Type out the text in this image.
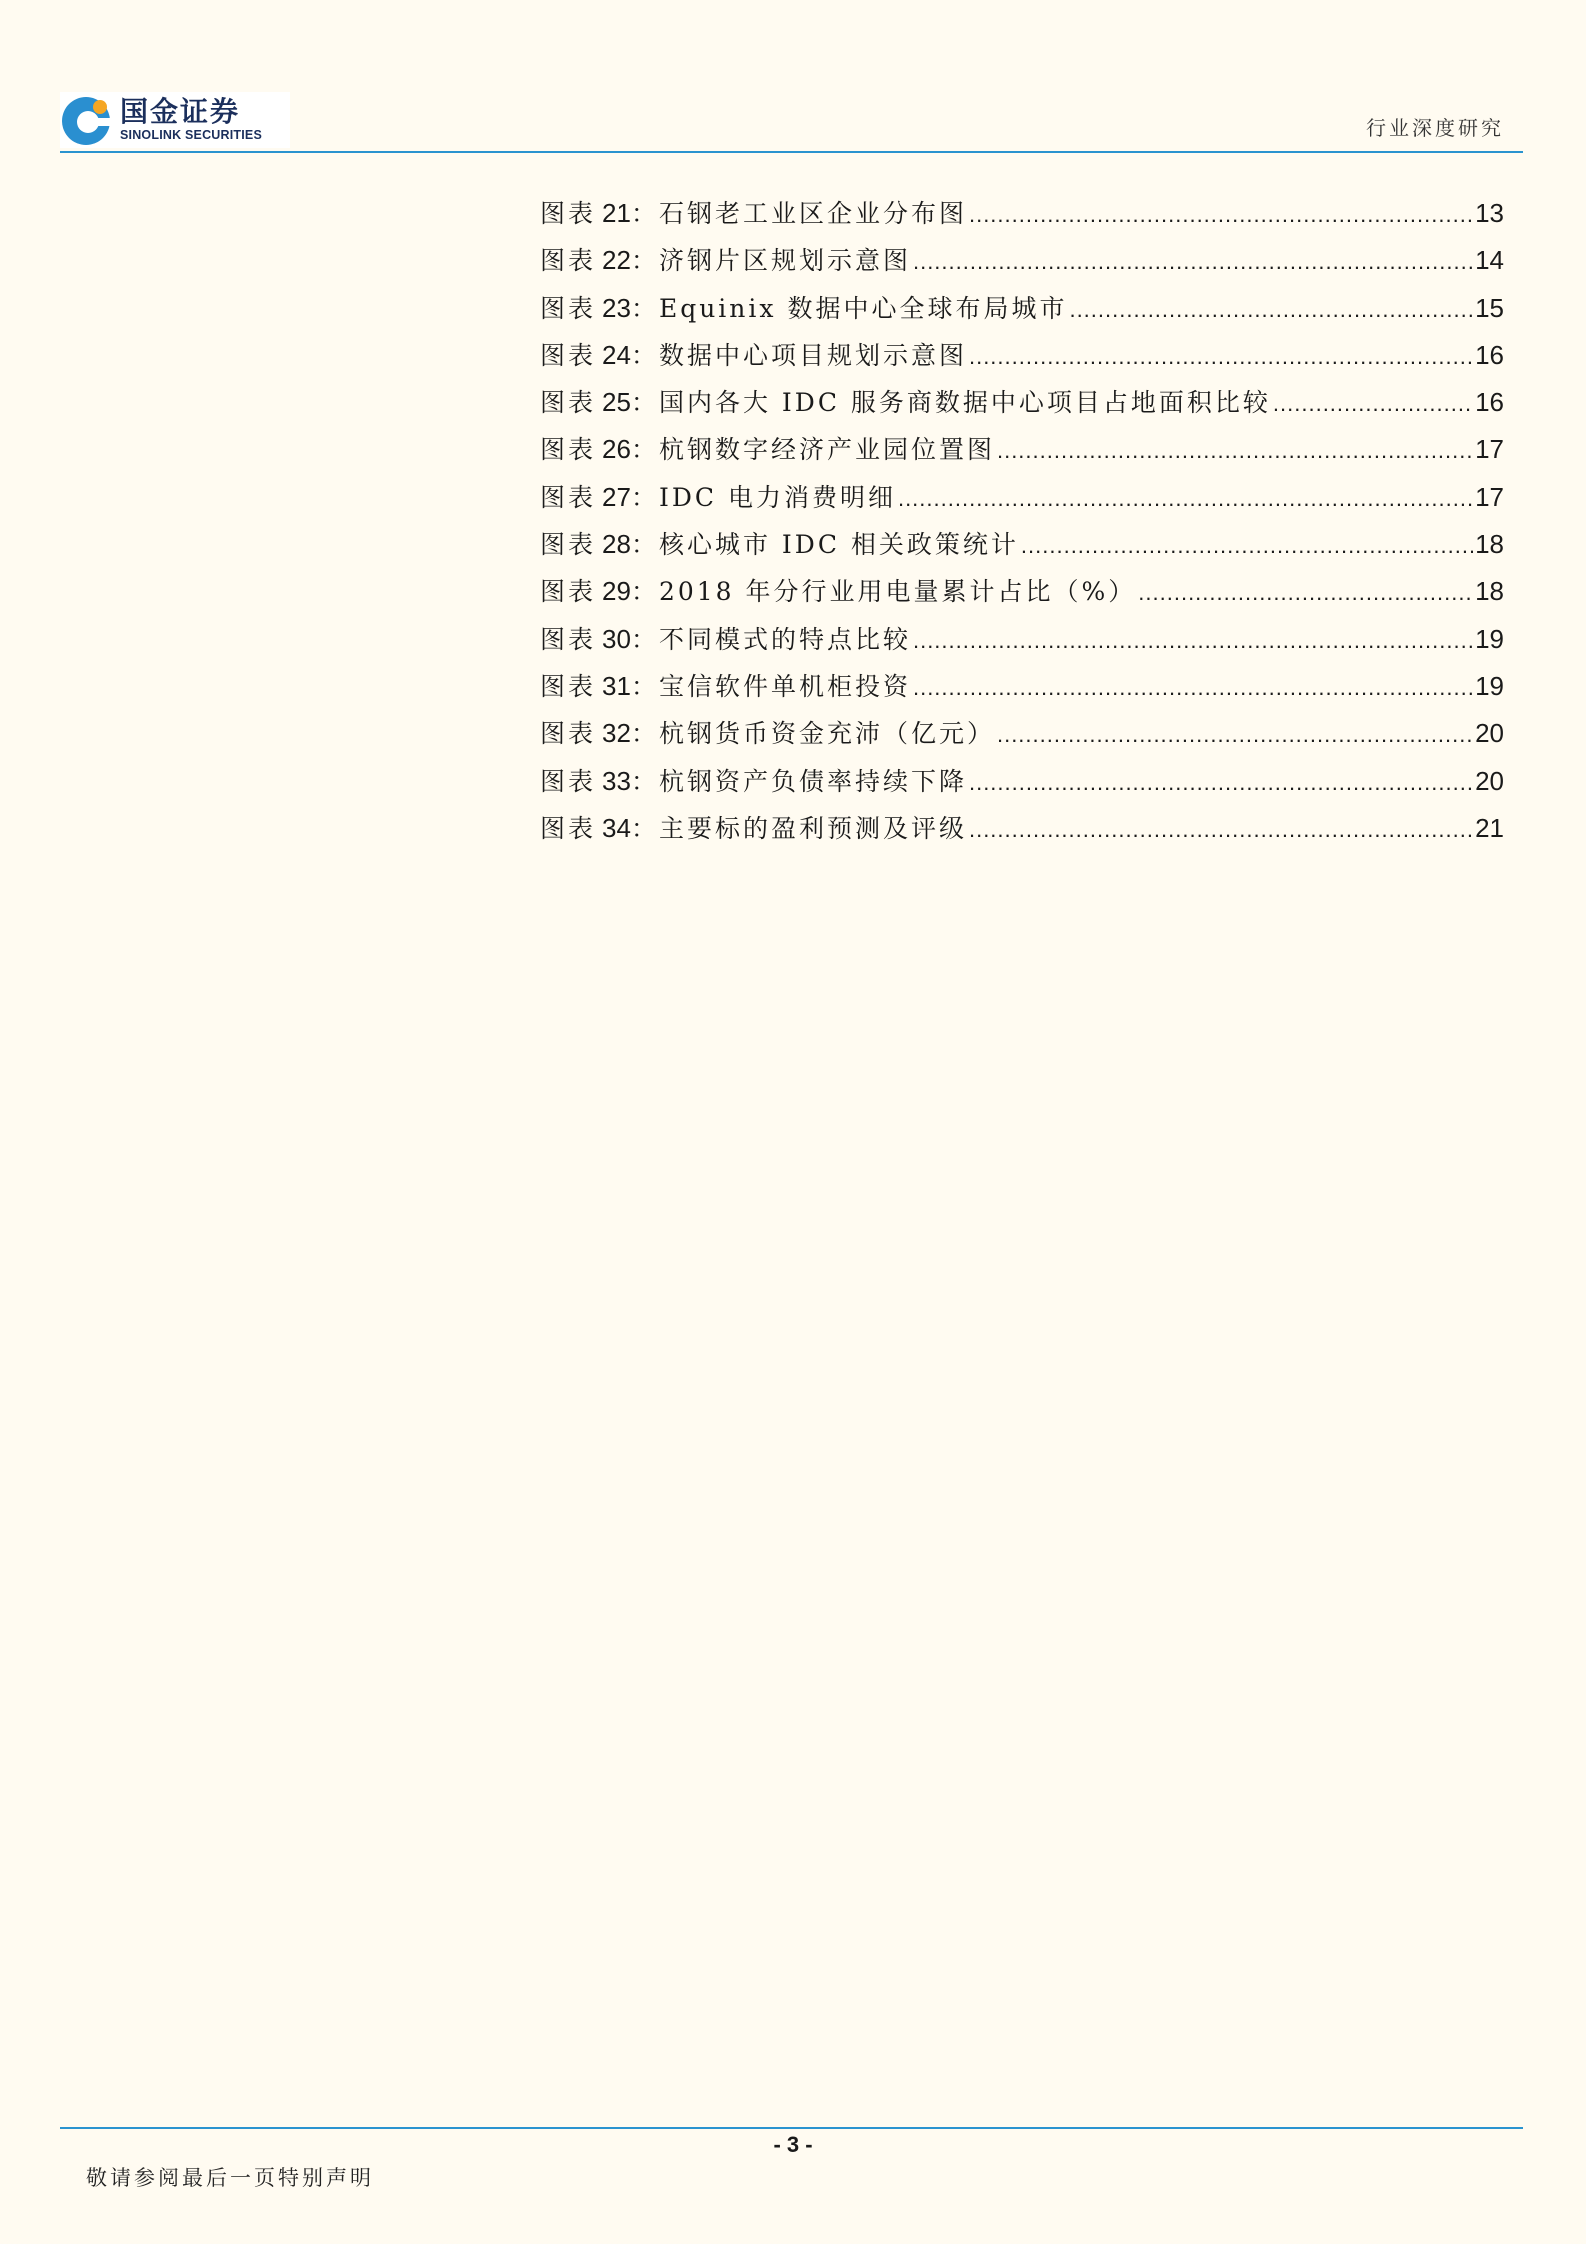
国金证券
SINOLINK SECURITIES	行业深度研究
图表 21 ： 石钢老工业区企业分布图 .....	13
图表 22 ： 济钢片区规划示意图 .....	14
图表 23 ： Equinix 数据中心全球布局城市 .....	15
图表 24 ： 数据中心项目规划示意图 .....	16
图表 25 ： 国内各大 IDC 服务商数据中心项目占地面积比较 .....	16
图表 26 ： 杭钢数字经济产业园位置图 .....	17
图表 27 ： IDC 电力消费明细 .....	17
图表 28 ： 核心城市 IDC 相关政策统计 .....	18
图表 29 ： 2018 年分行业用电量累计占比（%） .....	18
图表 30 ： 不同模式的特点比较 .....	19
图表 31 ： 宝信软件单机柜投资 .....	19
图表 32 ： 杭钢货币资金充沛（亿元） .....	20
图表 33 ： 杭钢资产负债率持续下降 .....	20
图表 34 ： 主要标的盈利预测及评级 .....	21
- 3 -
敬请参阅最后一页特别声明
